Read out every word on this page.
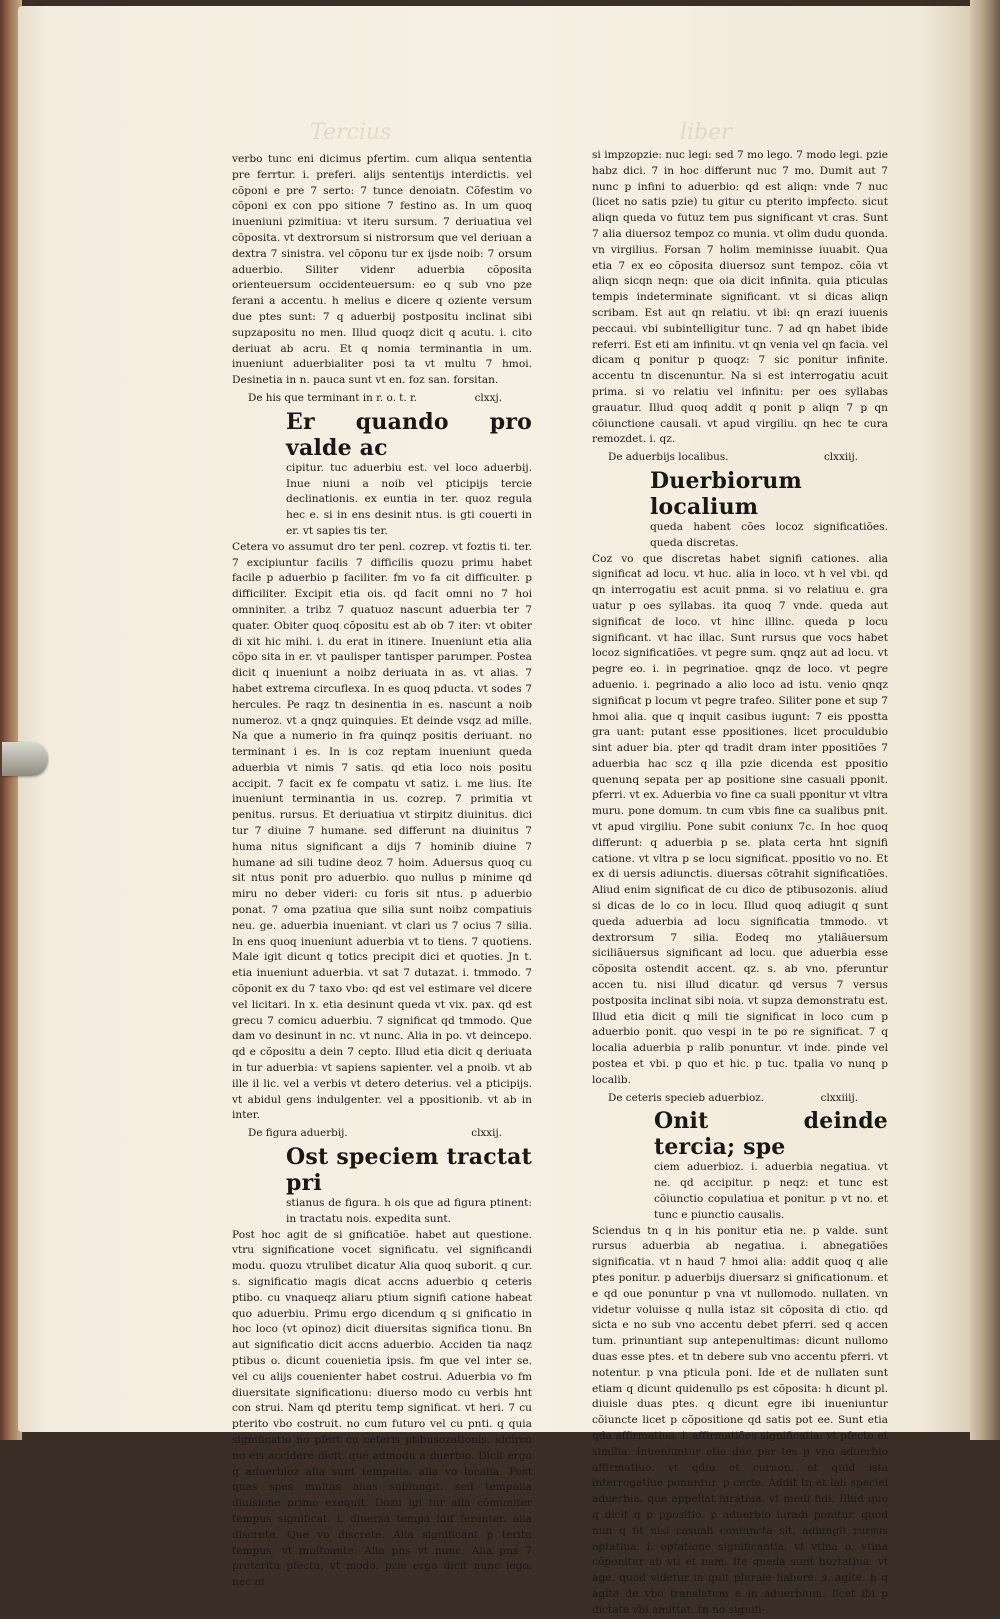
Tercius	liber

verbo tunc eni dicimus pfertim. cum aliqua sententia pre ferrtur. i. preferi. alijs sententijs interdictis. vel cõponi e pre 7 serto: 7 tunce denoiatn. Cõfestim vo cõponi ex con ppo sitione 7 festino as. In um quoq inueniuni pzimitiua: vt iteru sursum. 7 deriuatiua vel cõposita. vt dextrorsum si nistrorsum que vel deriuan a dextra 7 sinistra. vel cõponu tur ex ijsde noib: 7 orsum aduerbio. Siliter videnr aduerbia cõposita orienteuersum occidenteuersum: eo q sub vno pze ferani a accentu. h melius e dicere q oziente versum due ptes sunt: 7 q aduerbij postpositu inclinat sibi supzapositu no men. Illud quoqz dicit q acutu. i. cito deriuat ab acru. Et q nomia terminantia in um. inueniunt aduerbialiter posi ta vt multu 7 hmoi. Desinetia in n. pauca sunt vt en. foz san. forsitan.

De his que terminant in r. o. t. r.	clxxj.
Er quando pro valde ac

cipitur. tuc aduerbiu est. vel loco aduerbij. Inue niuni a noib vel pticipijs tercie declinationis. ex euntia in ter. quoz regula hec e. si in ens desinit ntus. is gti couerti in er. vt sapies tis ter.

Cetera vo assumut dro ter penl. cozrep. vt foztis ti. ter. 7 excipiuntur facilis 7 difficilis quozu primu habet facile p aduerbio p faciliter. fm vo fa cit difficulter. p difficiliter. Excipit etia ois. qd facit omni no 7 hoi omniniter. a tribz 7 quatuoz nascunt aduerbia ter 7 quater. Obiter quoq cõpositu est ab ob 7 iter: vt obiter di xit hic mihi. i. du erat in itinere. Inueniunt etia alia cõpo sita in er. vt paulisper tantisper parumper. Postea dicit q inueniunt a noibz deriuata in as. vt alias. 7 habet extrema circuflexa. In es quoq pducta. vt sodes 7 hercules. Pe raqz tn desinentia in es. nascunt a noib numeroz. vt a qnqz quinquies. Et deinde vsqz ad mille. Na que a numerio in fra quinqz positis deriuant. no terminant i es. In is coz reptam inueniunt queda aduerbia vt nimis 7 satis. qd etia loco nois positu accipit. 7 facit ex fe compatu vt satiz. i. me lius. Ite inueniunt terminantia in us. cozrep. 7 primitia vt penitus. rursus. Et deriuatiua vt stirpitz diuinitus. dici tur 7 diuine 7 humane. sed differunt na diuinitus 7 huma nitus significant a dijs 7 hominib diuine 7 humane ad sili tudine deoz 7 hoim. Aduersus quoq cu sit ntus ponit pro aduerbio. quo nullus p minime qd miru no deber videri: cu foris sit ntus. p aduerbio ponat. 7 oma pzatiua que silia sunt noibz compatiuis neu. ge. aduerbia inueniant. vt clari us 7 ocius 7 silia. In ens quoq inueniunt aduerbia vt to tiens. 7 quotiens. Male igit dicunt q totics precipit dici et quoties. Jn t. etia inueniunt aduerbia. vt sat 7 dutazat. i. tmmodo. 7 cõponit ex du 7 taxo vbo: qd est vel estimare vel dicere vel licitari. In x. etia desinunt queda vt vix. pax. qd est grecu 7 comicu aduerbiu. 7 significat qd tmmodo. Que dam vo desinunt in nc. vt nunc. Alia in po. vt deincepo. qd e cõpositu a dein 7 cepto. Illud etia dicit q deriuata in tur aduerbia: vt sapiens sapienter. vel a pnoib. vt ab ille il lic. vel a verbis vt detero deterius. vel a pticipijs. vt abidul gens indulgenter. vel a ppositionib. vt ab in inter.

De figura aduerbij.	clxxij.
Ost speciem tractat pri

stianus de figura. h ois que ad figura ptinent: in tractatu nois. expedita sunt.

Post hoc agit de si gnificatiõe. habet aut questione. vtru significatione vocet significatu. vel significandi modu. quozu vtrulibet dicatur Alia quoq suborit. q cur. s. significatio magis dicat accns aduerbio q ceteris ptibo. cu vnaqueqz aliaru ptium signifi catione habeat quo aduerbiu. Primu ergo dicendum q si gnificatio in hoc loco (vt opinoz) dicit diuersitas significa tionu. Bn aut significatio dicit accns aduerbio. Acciden tia naqz ptibus o. dicunt couenietia ipsis. fm que vel inter se. vel cu alijs couenienter habet costrui. Aduerbia vo fm diuersitate significationu: diuerso modo cu verbis hnt con strui. Nam qd pteritu temp significat. vt heri. 7 cu pterito vbo costruit. no cum futuro vel cu pnti. q quia significatio no pfert cu ceteris ptibusozationis. idcirco no eis accidere dicit. que admodu a duerbio. Dicit ergo q aduerbioz alia sunt tempalia. alia vo localia. Post quas spes multas alias subiungit. sed tempalia diuisione primo exequit. Dozu igi tur alia cõmuniter tempus significat. i. diuersa tempa idif ferenter. alia discrete. Que vo discrete. Alia significant p teritu tempus. vt multoante. Alia pns vt nunc. Alia pns 7 preteritu pfectu, vt modo. pzie ergo dicit nunc lego. nec ni

si impzopzie: nuc legi: sed 7 mo lego. 7 modo legi. pzie habz dici. 7 in hoc differunt nuc 7 mo. Dumit aut 7 nunc p infini to aduerbio: qd est aliqn: vnde 7 nuc (licet no satis pzie) tu gitur cu pterito impfecto. sicut aliqn queda vo futuz tem pus significant vt cras. Sunt 7 alia diuersoz tempoz co munia. vt olim dudu quonda. vn virgilius. Forsan 7 holim meminisse iuuabit. Qua etia 7 ex eo cõposita diuersoz sunt tempoz. cõia vt aliqn sicqn neqn: que oia dicit infinita. quia pticulas tempis indeterminate significant. vt si dicas aliqn scribam. Est aut qn relatiu. vt ibi: qn erazi iuuenis peccaui. vbi subintelligitur tunc. 7 ad qn habet ibide referri. Est eti am infinitu. vt qn venia vel qn facia. vel dicam q ponitur p quoqz: 7 sic ponitur infinite. accentu tn discenuntur. Na si est interrogatiu acuit prima. si vo relatiu vel infinitu: per oes syllabas grauatur. Illud quoq addit q ponit p aliqn 7 p qn cõiunctione causali. vt apud virgiliu. qn hec te cura remozdet. i. qz.

De aduerbijs localibus.	clxxiij.
Duerbiorum localium

queda habent cões locoz significatiões. queda discretas.

Coz vo que discretas habet signifi cationes. alia significat ad locu. vt huc. alia in loco. vt h vel vbi. qd qn interrogatiu est acuit pnma. si vo relatiuu e. gra uatur p oes syllabas. ita quoq 7 vnde. queda aut significat de loco. vt hinc illinc. queda p locu significant. vt hac illac. Sunt rursus que vocs habet locoz significatiões. vt pegre sum. qnqz aut ad locu. vt pegre eo. i. in pegrinatioe. qnqz de loco. vt pegre aduenio. i. pegrinado a alio loco ad istu. venio qnqz significat p locum vt pegre trafeo. Siliter pone et sup 7 hmoi alia. que q inquit casibus iugunt: 7 eis ppostta gra uant: putant esse ppositiones. licet proculdubio sint aduer bia. pter qd tradit dram inter ppositiões 7 aduerbia hac scz q illa pzie dicenda est ppositio quenunq sepata per ap positione sine casuali pponit. pferri. vt ex. Aduerbia vo fine ca suali pponitur vt vltra muru. pone domum. tn cum vbis fine ca sualibus pnit. vt apud virgiliu. Pone subit coniunx 7c. In hoc quoq differunt: q aduerbia p se. plata certa hnt signifi catione. vt vltra p se locu significat. ppositio vo no. Et ex di uersis adiunctis. diuersas cõtrahit significatiões. Aliud enim significat de cu dico de ptibusozonis. aliud si dicas de lo co in locu. Illud quoq adiugit q sunt queda aduerbia ad locu significatia tmmodo. vt dextrorsum 7 silia. Eodeq mo ytaliãuersum siciliãuersus significant ad locu. que aduerbia esse cõposita ostendit accent. qz. s. ab vno. pferuntur accen tu. nisi illud dicatur. qd versus 7 versus postposita inclinat sibi noia. vt supza demonstratu est. Illud etia dicit q mili tie significat in loco cum p aduerbio ponit. quo vespi in te po re significat. 7 q localia aduerbia p ralib ponuntur. vt inde. pinde vel postea et vbi. p quo et hic. p tuc. tpalia vo nunq p localib.

De ceteris specieb aduerbioz.	clxxiiij.
Onit deinde tercia; spe

ciem aduerbioz. i. aduerbia negatiua. vt ne. qd accipitur. p neqz: et tunc est cõiunctio copulatiua et ponitur. p vt no. et tunc e piunctio causalis.

Sciendus tn q in his ponitur etia ne. p valde. sunt rursus aduerbia ab negatiua. i. abnegatiões significatia. vt n haud 7 hmoi alia: addit quoq q alie ptes ponitur. p aduerbijs diuersarz si gnificationum. et e qd oue ponuntur p vna vt nullomodo. nullaten. vn videtur voluisse q nulla istaz sit cõposita di ctio. qd sicta e no sub vno accentu debet pferri. sed q accen tum. prinuntiant sup antepenultimas: dicunt nullomo duas esse ptes. et tn debere sub vno accentu pferri. vt notentur. p vna pticula poni. Ide et de nullaten sunt etiam q dicunt quidenullo ps est cõposita: h dicunt pl. diuisle duas ptes. q dicunt egre ibi inueniuntur cõiuncte licet p cõpositione qd satis pot ee. Sunt etia qda affirmatiua. i. affirmatiões significatia: vt pfecto et similia. Inueniuntur etia due par tes p vno aduerbio affirmatiuo. vt qdiu et curnon. et quid ista interrogatiue ponuntur. p certe. Addit tn et lali speciei aduerbia. que appellat iuratiua. vt medi fidi. Illud quo q dicit q p ppositio. p aduerbio iuradi ponitur. quod nun q fit nisi casuali coniuncta sit. adiungit rursus optatiua. i. optatione significantia. vt vtina o. vtina cõponitur ab vti et nam. Ite queda sunt hoztatiua: vt age. quod videtur in quit plurale habere. s. agite. h q agite de vbo translatum e in aduerbium. licet ibi p dictate vbi amittat. tn no signifi-
